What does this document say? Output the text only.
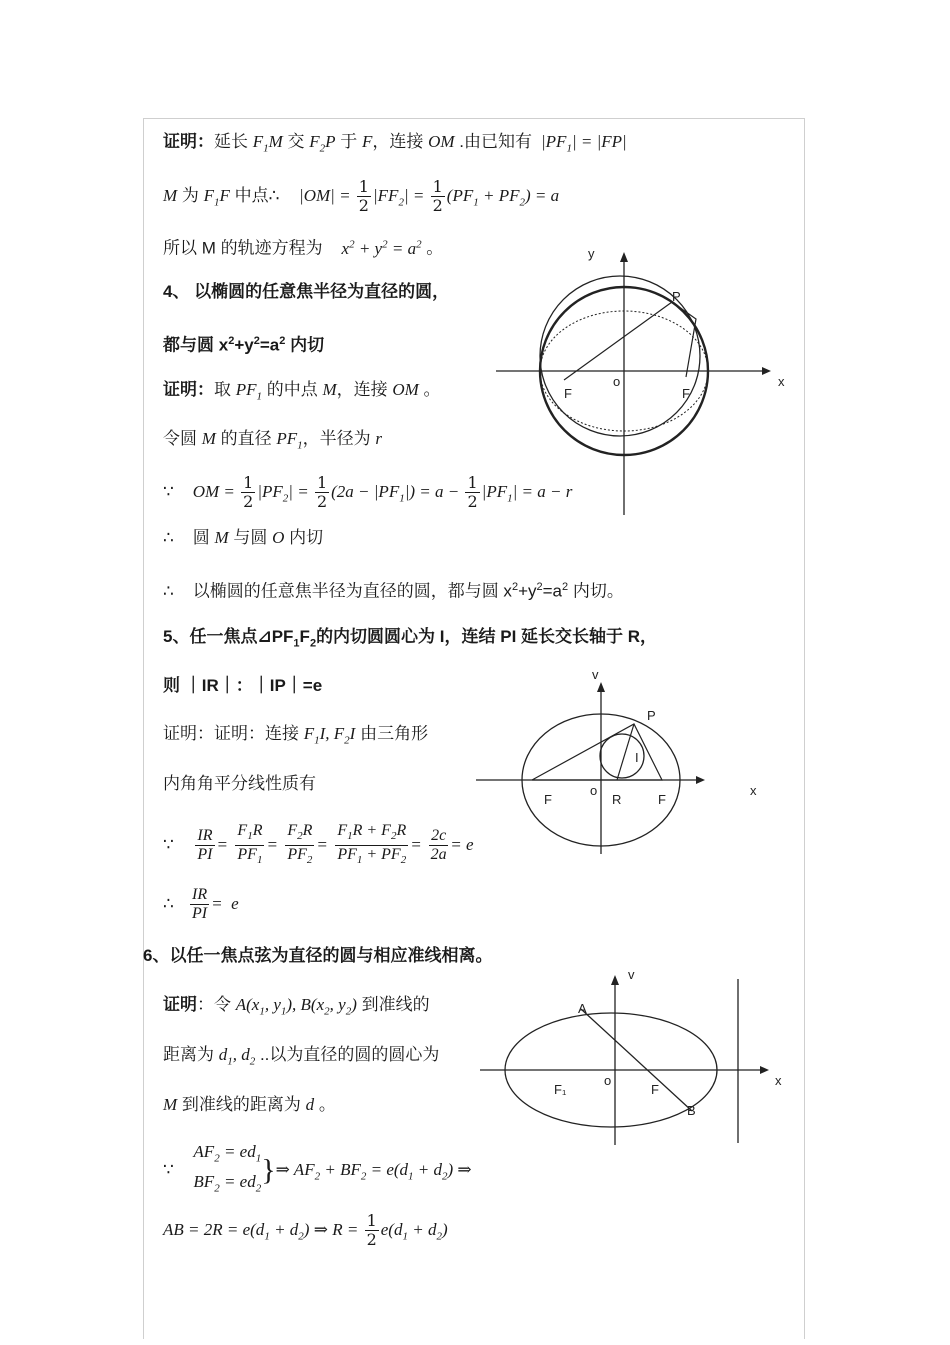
证明：延长 $F_1M$ 交 $F_2P$ 于 F，连接 OM .由已知有  $|PF_1| = |FP|$
M 为 $F_1F$ 中点∴    $|OM| = \frac{1}{2} |FF_2| = \frac{1}{2} (PF_1 + PF_2) = a$
所以 M 的轨迹方程为 $x^2 + y^2 = a^2$ 。
4、 以椭圆的任意焦半径为直径的圆，
都与圆 $x^2+y^2=a^2$ 内切
证明：取 $PF_1$ 的中点 M，连接 OM 。
令圆 M 的直径 $PF_1$，半径为 r
∵    OM = $\frac{1}{2} |PF_2| = \frac{1}{2} (2a - |PF_1|) = a - \frac{1}{2} |PF_1| = a - r$
∴    圆 M 与圆 O 内切
∴    以椭圆的任意焦半径为直径的圆，都与圆 $x^2+y^2=a^2$ 内切。
5、任一焦点$⊿PF_1F_2$的内切圆圆心为 I，连结 PI 延长交长轴于 R，
则 ｜IR｜：｜IP｜=e
证明：证明：连接 $F_1I$, $F_2I$ 由三角形
内角角平分线性质有
∵ $\frac{IR}{PI} = \frac{F_1R}{PF_1} = \frac{F_2R}{PF_2} = \frac{F_1R + F_2R}{PF_1 + PF_2} = \frac{2c}{2a} = e$
∴ $\frac{IR}{PI} = e$
6、以任一焦点弦为直径的圆与相应准线相离。
证明：令 $A(x_1$, $y_1$), $B(x_2$, $y_2$) 到准线的
距离为 $d_1$, $d_2$ ..以为直径的圆的圆心为
M 到准线的距离为 d 。
∵
$AF_2 = ed_1$
$BF_2 = ed_2$
}⇒ $AF_2 + BF_2 = e(d_1 + d_2)$ ⇒
AB = $2R = e(d_1 + d_2)$ ⇒ $R = \frac{1}{2} e(d_1 + d_2)$
y
x
o
P
F	F
v
x
o
P
I
R
F	F
v
x
o
A
B
F₁	F
